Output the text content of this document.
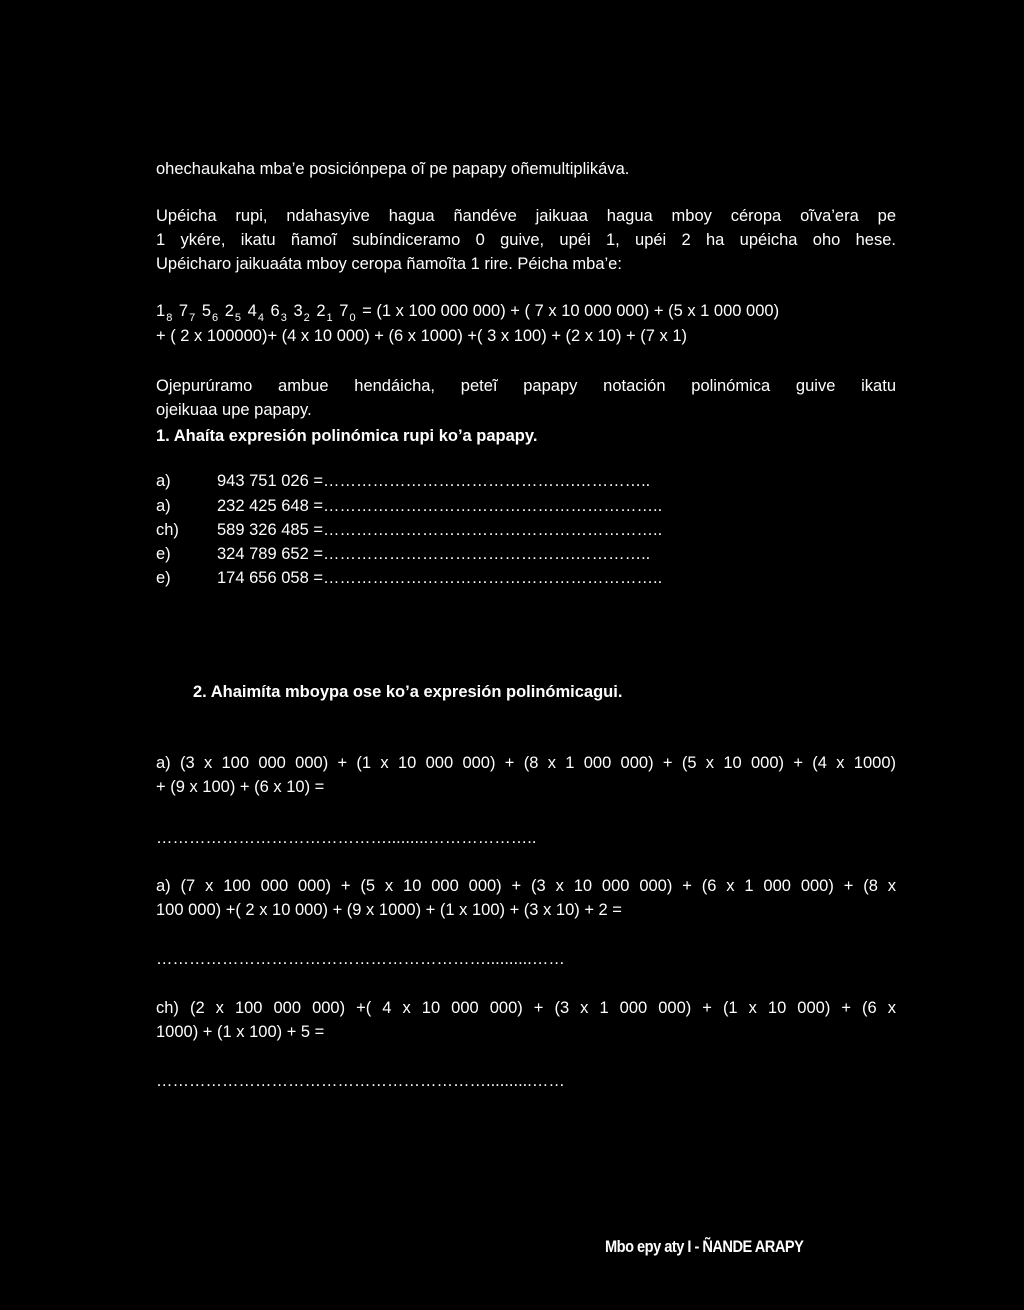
ohechaukaha mba’e posiciónpepa oĩ pe papapy oñemultiplikáva.
Upéicha rupi, ndahasyive hagua ñandéve jaikuaa hagua mboy céropa oĩva’era pe
1 ykére, ikatu ñamoĩ subíndiceramo 0 guive, upéi 1, upéi 2 ha upéicha oho hese.
Upéicharo jaikuaáta mboy ceropa ñamoĩta 1 rire. Péicha mba’e:
$1_8$ $7_7$ $5_6$ $2_5$ $4_4$ $6_3$ $3_2$ $2_1$ $7_0 = (1$ x 100 000 000) + ( 7 x 10 000 000) + (5 x 1 000 000)
+ ( 2 x 100000)+ (4 x 10 000) + (6 x 1000) +( 3 x 100) + (2 x 10) + (7 x 1)
Ojepurúramo ambue hendáicha, peteĩ papapy notación polinómica guive ikatu
ojeikuaa upe papapy.
1. Ahaíta expresión polinómica rupi ko’a papapy.
a)	943 751 026 =……………………………………….…………..
a)	232 425 648 =……………………………………………………..
ch) 589 326 485 =……………………………………………………..
e)	324 789 652 =……………………………………….…………..
e)	174 656 058 =……………………………………………………..
2. Ahaimíta mboypa ose ko’a expresión polinómicagui.
a) (3 x 100 000 000) + (1 x 10 000 000) + (8 x 1 000 000) + (5 x 10 000) + (4 x 1000)
+ (9 x 100) + (6 x 10) =
…………………………………….........………………..
a) (7 x 100 000 000) + (5 x 10 000 000) + (3 x 10 000 000) + (6 x 1 000 000) + (8 x
100 000) +( 2 x 10 000) + (9 x 1000) + (1 x 100) + (3 x 10) + 2 =
……………………………………………………..........……
ch) (2 x 100 000 000) +( 4 x 10 000 000) + (3 x 1 000 000) + (1 x 10 000) + (6 x
1000) + (1 x 100) + 5 =
……………………………………………………..........……
Mbo epy aty I - ÑANDE ARAPY
